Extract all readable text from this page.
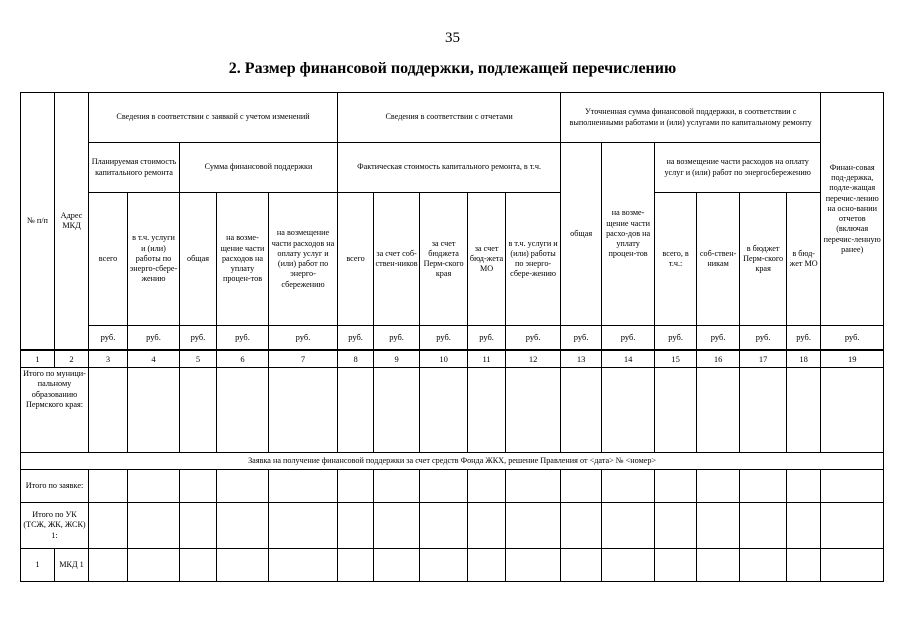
35
2. Размер финансовой поддержки, подлежащей перечислению
№ п/п	Адрес МКД	Сведения в соответствии с заявкой с учетом изменений					Сведения в соответствии с отчетами					Уточненная сумма финансовой поддержки, в соответствии с выполненными работами и (или) услугами по капитальному ремонту						Финан-совая под-держка, подле-жащая перечис-лению на осно-вании отчетов (включая перечис-ленную ранее)
		Планируемая стоимость капитального ремонта		Сумма финансовой поддержки			Фактическая стоимость капитального ремонта, в т.ч.					общая	на возме-щение части расхо-дов на уплату процен-тов	на возмещение части расходов на оплату услуг и (или) работ по энергосбережению				
		всего	в т.ч. услуги и (или) работы по энерго-сбере-жению	общая	на возме-щение части расходов на уплату процен-тов	на возмещение части расходов на оплату услуг и (или) работ по энерго-сбережению	всего	за счет соб-ствен-ников	за счет бюджета Перм-ского края	за счет бюд-жета МО	в т.ч. услуги и (или) работы по энерго-сбере-жению			всего, в т.ч.:	соб-ствен-никам	в бюджет Перм-ского края	в бюд-жет МО	
		руб.	руб.	руб.	руб.	руб.	руб.	руб.	руб.	руб.	руб.	руб.	руб.	руб.	руб.	руб.	руб.	руб.
1	2	3	4	5	6	7	8	9	10	11	12	13	14	15	16	17	18	19
Итого по муници-пальному образованию Пермского края:																		
Заявка на получение финансовой поддержки за счет средств Фонда ЖКХ, решение Правления от <дата> № <номер>																		
Итого по заявке:																		
Итого по УК (ТСЖ, ЖК, ЖСК) 1:																		
1	МКД 1																	
